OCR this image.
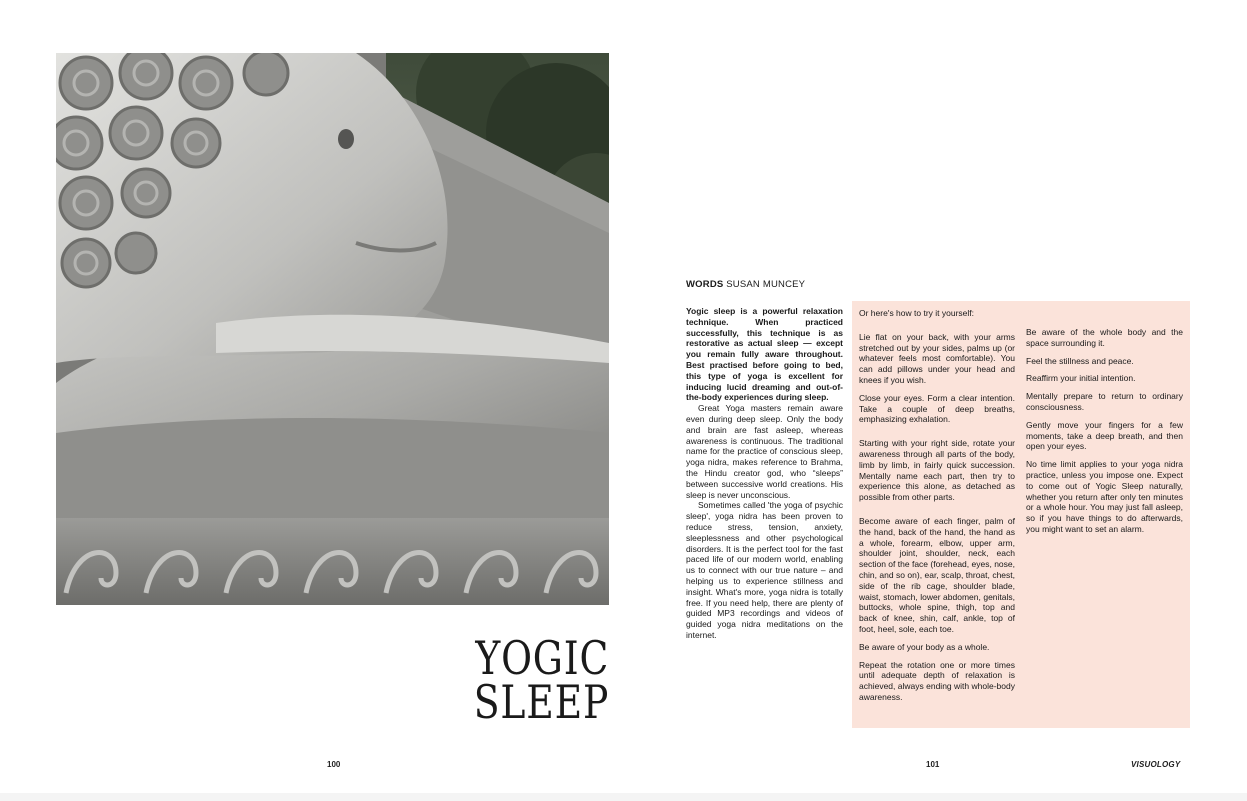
YOGIC
SLEEP
WORDS SUSAN MUNCEY

Yogic sleep is a powerful relaxation technique. When practiced successfully, this technique is as restorative as actual sleep — except you remain fully aware throughout. Best practised before going to bed, this type of yoga is excellent for inducing lucid dreaming and out-of-the-body experiences during sleep.

Great Yoga masters remain aware even during deep sleep. Only the body and brain are fast asleep, whereas awareness is continuous. The traditional name for the practice of conscious sleep, yoga nidra, makes reference to Brahma, the Hindu creator god, who “sleeps” between successive world creations. His sleep is never unconscious.

Sometimes called 'the yoga of psychic sleep', yoga nidra has been proven to reduce stress, tension, anxiety, sleeplessness and other psychological disorders. It is the perfect tool for the fast paced life of our modern world, enabling us to connect with our true nature – and helping us to experience stillness and insight. What's more, yoga nidra is totally free. If you need help, there are plenty of guided MP3 recordings and videos of guided yoga nidra meditations on the internet.

Or here's how to try it yourself:

Lie flat on your back, with your arms stretched out by your sides, palms up (or whatever feels most comfortable). You can add pillows under your head and knees if you wish.

Close your eyes. Form a clear intention. Take a couple of deep breaths, emphasizing exhalation.

Starting with your right side, rotate your awareness through all parts of the body, limb by limb, in fairly quick succession. Mentally name each part, then try to experience this alone, as detached as possible from other parts.

Become aware of each finger, palm of the hand, back of the hand, the hand as a whole, forearm, elbow, upper arm, shoulder joint, shoulder, neck, each section of the face (forehead, eyes, nose, chin, and so on), ear, scalp, throat, chest, side of the rib cage, shoulder blade, waist, stomach, lower abdomen, genitals, buttocks, whole spine, thigh, top and back of knee, shin, calf, ankle, top of foot, heel, sole, each toe.

Be aware of your body as a whole.

Repeat the rotation one or more times until adequate depth of relaxation is achieved, always ending with whole-body awareness.

Be aware of the whole body and the space surrounding it.

Feel the stillness and peace.

Reaffirm your initial intention.

Mentally prepare to return to ordinary consciousness.

Gently move your fingers for a few moments, take a deep breath, and then open your eyes.

No time limit applies to your yoga nidra practice, unless you impose one. Expect to come out of Yogic Sleep naturally, whether you return after only ten minutes or a whole hour. You may just fall asleep, so if you have things to do afterwards, you might want to set an alarm.

100	101	VISUOLOGY
